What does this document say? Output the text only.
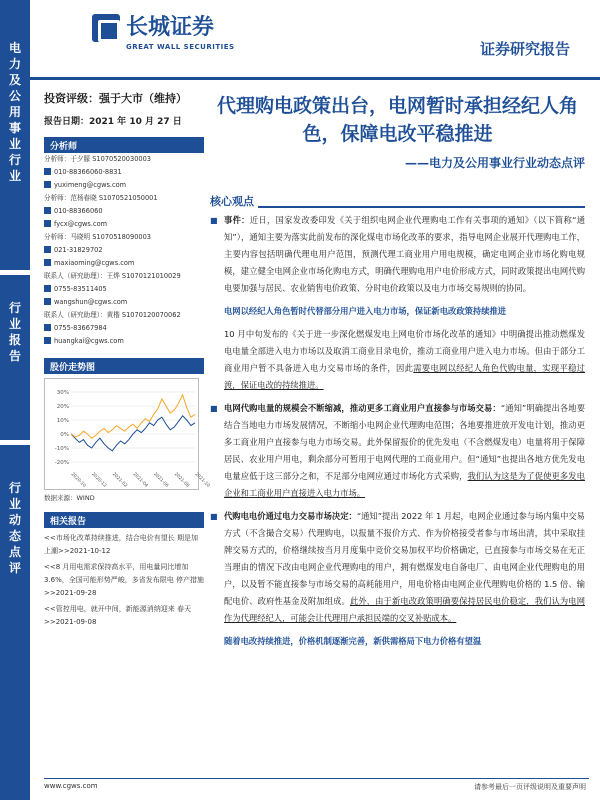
电
力
及
公
用
事
业
行
业
行
业
报
告
行
业
动
态
点
评
长城证券
GREAT WALL SECURITIES	证券研究报告
投资评级：强于大市（维持）
报告日期：2021 年 10 月 27 日
分析师
分析师：于夕朦 S1070520030003
010-88366060-8831
yuximeng@cgws.com
分析师：范杨春晓 S1070521050001
010-88366060
fycx@cgws.com
分析师：马晓明 S1070518090003
021-31829702
maxiaoming@cgws.com
联系人（研究助理）：王烨 S1070121010029
0755-83511405
wangshun@cgws.com
联系人（研究助理）：黄楷 S1070120070062
0755-83667984
huangkai@cgws.com
股价走势图
30%
20%
10%
0%
-10%
-20%
2020-10 2020-12 2021-02 2021-04 2021-06 2021-08 2021-10
数据来源：WIND
相关报告

<<市场化改革持续推进，结合电价有望长 期是加上潮>>2021-10-12

<<8 月用电需求保持高水平，用电量同比增加 3.6%，全国可能形势严峻，多省发布限电 停产措施>>2021-09-28

<<管控用电，就开中间，新能源消纳迎来 春天>>2021-09-08

代理购电政策出台，电网暂时承担经纪人角色，保障电改平稳推进
——电力及公用事业行业动态点评
核心观点

■ 事件：近日，国家发改委印发《关于组织电网企业代理购电工作有关事项的通知》（以下简称“通知”），通知主要为落实此前发布的深化煤电市场化改革的要求，指导电网企业展开代理购电工作，主要内容包括明确代理电用户范围，预测代理工商业用户用电规模，确定电网企业市场化购电规模，建立健全电网企业市场化购电方式，明确代理购电用户电价形成方式，同时政策提出电网代购电要加强与居民、农业销售电价政策、分时电价政策以及电力市场交易规则的协同。

电网以经纪人角色暂时代替部分用户进入电力市场，保证新电改政策持续推进

10 月中旬发布的《关于进一步深化燃煤发电上网电价市场化改革的通知》中明确提出推动燃煤发电电量全部进入电力市场以及取消工商业目录电价，推动工商业用户进入电力市场。但由于部分工商业用户暂不具备进入电力交易市场的条件，因此需要电网以经纪人角色代购电量，实现平稳过渡，保证电改的持续推进。

■ 电网代购电量的规模会不断缩减，推动更多工商业用户直接参与市场交易：“通知”明确提出各地要结合当地电力市场发展情况，不断缩小电网企业代理购电范围；各地要推进放开发电计划，推动更多工商业用户直接参与电力市场交易。此外保留报价的优先发电（不含燃煤发电）电量将用于保障居民、农业用户用电，剩余部分可暂用于电网代理的工商业用户。但“通知”也提出各地方优先发电电量应低于这三部分之和，不足部分电网应通过市场化方式采购，我们认为这是为了促使更多发电企业和工商业用户直接进入电力市场。

■ 代购电电价通过电力交易市场决定：“通知”提出 2022 年 1 月起，电网企业通过参与场内集中交易方式（不含撮合交易）代理购电，以报量不报价方式、作为价格接受者参与市场出清，其中采取挂牌交易方式的，价格继续按当月月度集中竞价交易加权平均价格确定，已直接参与市场交易在无正当理由的情况下改由电网企业代理购电的用户，拥有燃煤发电自备电厂、由电网企业代理购电的用户，以及暂不能直接参与市场交易的高耗能用户，用电价格由电网企业代理购电价格的 1.5 倍、输配电价、政府性基金及附加组成。此外，由于新电改政策明确要保持居民电价稳定，我们认为电网作为代理经纪人，可能会让代理用户承担民端的交叉补贴成本。

随着电改持续推进，价格机制逐渐完善，新供需格局下电力价格有望温

www.cgws.com	请参考最后一页评级说明及重要声明
